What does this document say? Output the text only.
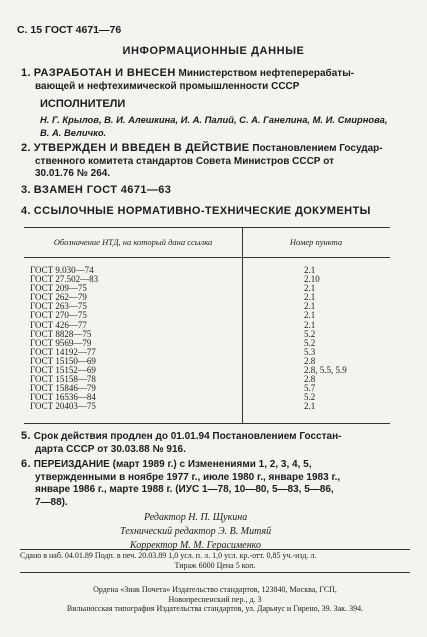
С. 15 ГОСТ 4671—76
ИНФОРМАЦИОННЫЕ ДАННЫЕ
1. РАЗРАБОТАН И ВНЕСЕН Министерством нефтеперерабаты-
вающей и нефтехимической промышленности СССР
ИСПОЛНИТЕЛИ
Н. Г. Крылов, В. И. Алешкина, И. А. Палий, С. А. Ганелина, М. И. Смирнова,
В. А. Величко.
2. УТВЕРЖДЕН И ВВЕДЕН В ДЕЙСТВИЕ Постановлением Государ-
ственного комитета стандартов Совета Министров СССР от
30.01.76 № 264.
3. ВЗАМЕН ГОСТ 4671—63
4. ССЫЛОЧНЫЕ НОРМАТИВНО-ТЕХНИЧЕСКИЕ ДОКУМЕНТЫ
Обозначение НТД, на который дана ссылка	Номер пункта
ГОСТ 9.030—74	2.1
ГОСТ 27.502—83	2.10
ГОСТ 209—75	2.1
ГОСТ 262—79	2.1
ГОСТ 263—75	2.1
ГОСТ 270—75	2.1
ГОСТ 426—77	2.1
ГОСТ 8828—75	5.2
ГОСТ 9569—79	5.2
ГОСТ 14192—77	5.3
ГОСТ 15150—69	2.8
ГОСТ 15152—69	2.8, 5.5, 5.9
ГОСТ 15158—78	2.8
ГОСТ 15846—79	5.7
ГОСТ 16536—84	5.2
ГОСТ 20403—75	2.1
5. Срок действия продлен до 01.01.94 Постановлением Госстан-
дарта СССР от 30.03.88 № 916.
6. ПЕРЕИЗДАНИЕ (март 1989 г.) с Изменениями 1, 2, 3, 4, 5,
утвержденными в ноябре 1977 г., июле 1980 г., январе 1983 г.,
январе 1986 г., марте 1988 г. (ИУС 1—78, 10—80, 5—83, 5—86,
7—88).
Редактор Н. П. Щукина
Технический редактор Э. В. Митяй
Корректор М. М. Герасименко
Сдано в наб. 04.01.89 Подп. в печ. 20.03.89 1,0 усл. п. л. 1,0 усл. кр.-отт. 0,85 уч.-изд. л.
Тираж 6000 Цена 5 коп.
Ордена «Знак Почета» Издательство стандартов, 123840, Москва, ГСП,
Новопресненский пер., д. 3
Вильнюсская типография Издательства стандартов, ул. Дарьяус и Гирено, 39. Зак. 394.
